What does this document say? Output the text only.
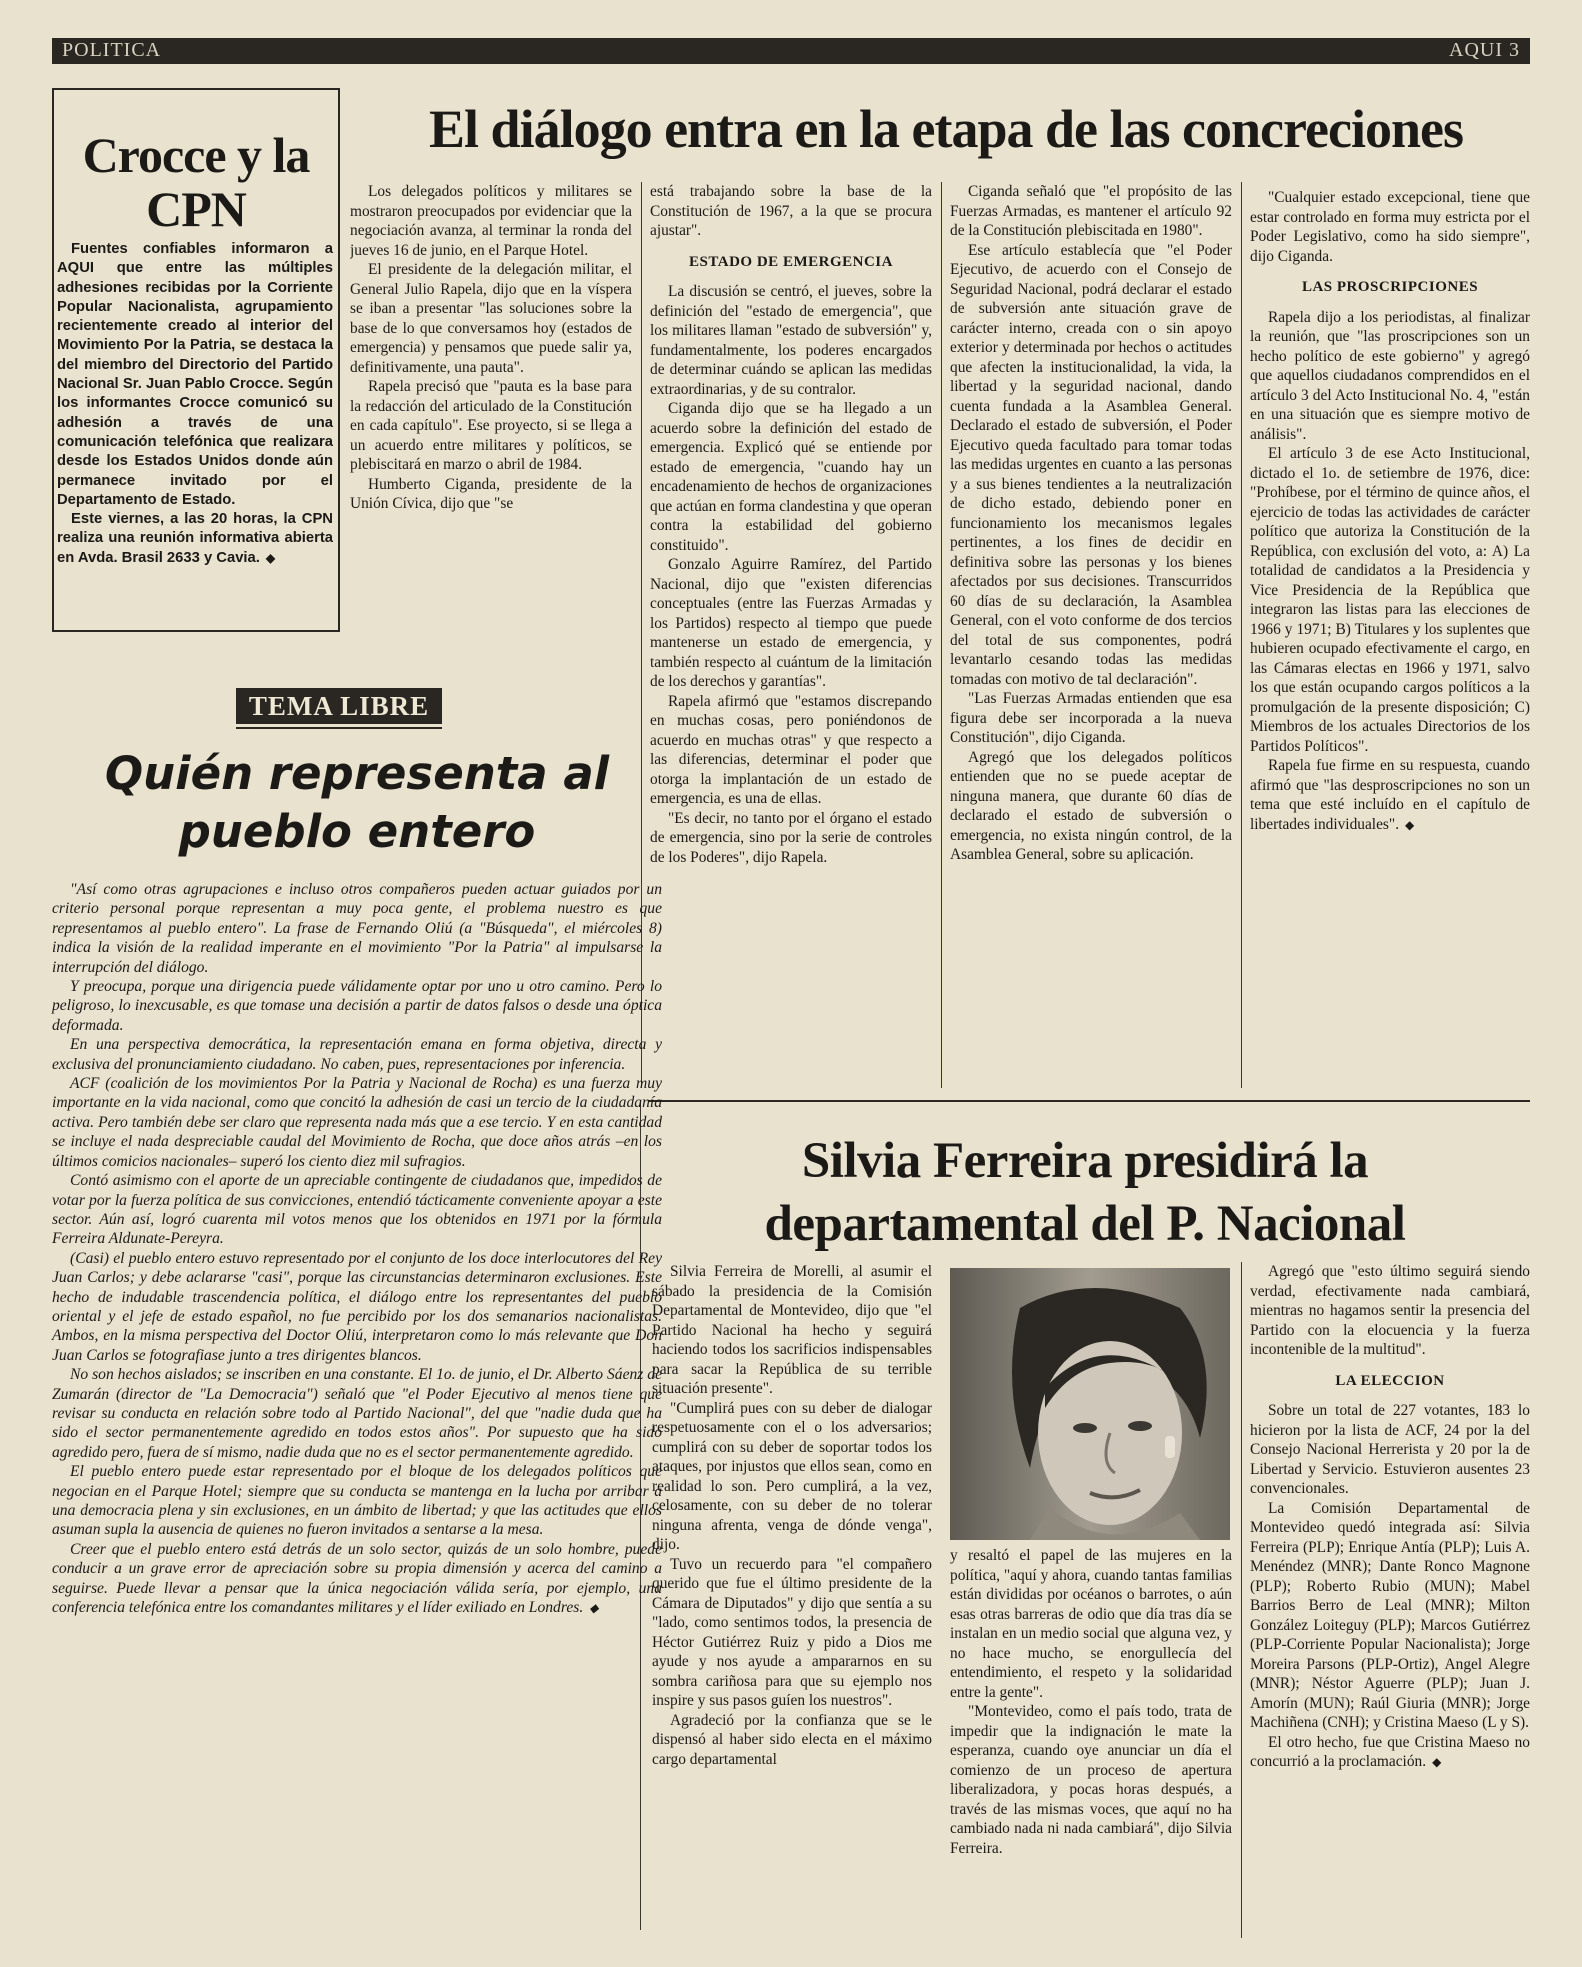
POLITICA	AQUI 3
Crocce y la CPN

Fuentes confiables informaron a AQUI que entre las múltiples adhesiones recibidas por la Corriente Popular Nacionalista, agrupamiento recientemente creado al interior del Movimiento Por la Patria, se destaca la del miembro del Directorio del Partido Nacional Sr. Juan Pablo Crocce. Según los informantes Crocce comunicó su adhesión a través de una comunicación telefónica que realizara desde los Estados Unidos donde aún permanece invitado por el Departamento de Estado.

Este viernes, a las 20 horas, la CPN realiza una reunión informativa abierta en Avda. Brasil 2633 y Cavia. ◆

El diálogo entra en la etapa de las concreciones

Los delegados políticos y militares se mostraron preocupados por evidenciar que la negociación avanza, al terminar la ronda del jueves 16 de junio, en el Parque Hotel.

El presidente de la delegación militar, el General Julio Rapela, dijo que en la víspera se iban a presentar "las soluciones sobre la base de lo que conversamos hoy (estados de emergencia) y pensamos que puede salir ya, definitivamente, una pauta".

Rapela precisó que "pauta es la base para la redacción del articulado de la Constitución en cada capítulo". Ese proyecto, si se llega a un acuerdo entre militares y políticos, se plebiscitará en marzo o abril de 1984.

Humberto Ciganda, presidente de la Unión Cívica, dijo que "se

está trabajando sobre la base de la Constitución de 1967, a la que se procura ajustar".

ESTADO DE EMERGENCIA

La discusión se centró, el jueves, sobre la definición del "estado de emergencia", que los militares llaman "estado de subversión" y, fundamentalmente, los poderes encargados de determinar cuándo se aplican las medidas extraordinarias, y de su contralor.

Ciganda dijo que se ha llegado a un acuerdo sobre la definición del estado de emergencia. Explicó qué se entiende por estado de emergencia, "cuando hay un encadenamiento de hechos de organizaciones que actúan en forma clandestina y que operan contra la estabilidad del gobierno constituido".

Gonzalo Aguirre Ramírez, del Partido Nacional, dijo que "existen diferencias conceptuales (entre las Fuerzas Armadas y los Partidos) respecto al tiempo que puede mantenerse un estado de emergencia, y también respecto al cuántum de la limitación de los derechos y garantías".

Rapela afirmó que "estamos discrepando en muchas cosas, pero poniéndonos de acuerdo en muchas otras" y que respecto a las diferencias, determinar el poder que otorga la implantación de un estado de emergencia, es una de ellas.

"Es decir, no tanto por el órgano el estado de emergencia, sino por la serie de controles de los Poderes", dijo Rapela.

Ciganda señaló que "el propósito de las Fuerzas Armadas, es mantener el artículo 92 de la Constitución plebiscitada en 1980".

Ese artículo establecía que "el Poder Ejecutivo, de acuerdo con el Consejo de Seguridad Nacional, podrá declarar el estado de subversión ante situación grave de carácter interno, creada con o sin apoyo exterior y determinada por hechos o actitudes que afecten la institucionalidad, la vida, la libertad y la seguridad nacional, dando cuenta fundada a la Asamblea General. Declarado el estado de subversión, el Poder Ejecutivo queda facultado para tomar todas las medidas urgentes en cuanto a las personas y a sus bienes tendientes a la neutralización de dicho estado, debiendo poner en funcionamiento los mecanismos legales pertinentes, a los fines de decidir en definitiva sobre las personas y los bienes afectados por sus decisiones. Transcurridos 60 días de su declaración, la Asamblea General, con el voto conforme de dos tercios del total de sus componentes, podrá levantarlo cesando todas las medidas tomadas con motivo de tal declaración".

"Las Fuerzas Armadas entienden que esa figura debe ser incorporada a la nueva Constitución", dijo Ciganda.

Agregó que los delegados políticos entienden que no se puede aceptar de ninguna manera, que durante 60 días de declarado el estado de subversión o emergencia, no exista ningún control, de la Asamblea General, sobre su aplicación.

"Cualquier estado excepcional, tiene que estar controlado en forma muy estricta por el Poder Legislativo, como ha sido siempre", dijo Ciganda.

LAS PROSCRIPCIONES

Rapela dijo a los periodistas, al finalizar la reunión, que "las proscripciones son un hecho político de este gobierno" y agregó que aquellos ciudadanos comprendidos en el artículo 3 del Acto Institucional No. 4, "están en una situación que es siempre motivo de análisis".

El artículo 3 de ese Acto Institucional, dictado el 1o. de setiembre de 1976, dice: "Prohíbese, por el término de quince años, el ejercicio de todas las actividades de carácter político que autoriza la Constitución de la República, con exclusión del voto, a: A) La totalidad de candidatos a la Presidencia y Vice Presidencia de la República que integraron las listas para las elecciones de 1966 y 1971; B) Titulares y los suplentes que hubieren ocupado efectivamente el cargo, en las Cámaras electas en 1966 y 1971, salvo los que están ocupando cargos políticos a la promulgación de la presente disposición; C) Miembros de los actuales Directorios de los Partidos Políticos".

Rapela fue firme en su respuesta, cuando afirmó que "las desproscripciones no son un tema que esté incluído en el capítulo de libertades individuales". ◆

TEMA LIBRE
Quién representa al pueblo entero

"Así como otras agrupaciones e incluso otros compañeros pueden actuar guiados por un criterio personal porque representan a muy poca gente, el problema nuestro es que representamos al pueblo entero". La frase de Fernando Oliú (a "Búsqueda", el miércoles 8) indica la visión de la realidad imperante en el movimiento "Por la Patria" al impulsarse la interrupción del diálogo.

Y preocupa, porque una dirigencia puede válidamente optar por uno u otro camino. Pero lo peligroso, lo inexcusable, es que tomase una decisión a partir de datos falsos o desde una óptica deformada.

En una perspectiva democrática, la representación emana en forma objetiva, directa y exclusiva del pronunciamiento ciudadano. No caben, pues, representaciones por inferencia.

ACF (coalición de los movimientos Por la Patria y Nacional de Rocha) es una fuerza muy importante en la vida nacional, como que concitó la adhesión de casi un tercio de la ciudadanía activa. Pero también debe ser claro que representa nada más que a ese tercio. Y en esta cantidad se incluye el nada despreciable caudal del Movimiento de Rocha, que doce años atrás –en los últimos comicios nacionales– superó los ciento diez mil sufragios.

Contó asimismo con el aporte de un apreciable contingente de ciudadanos que, impedidos de votar por la fuerza política de sus convicciones, entendió tácticamente conveniente apoyar a este sector. Aún así, logró cuarenta mil votos menos que los obtenidos en 1971 por la fórmula Ferreira Aldunate-Pereyra.

(Casi) el pueblo entero estuvo representado por el conjunto de los doce interlocutores del Rey Juan Carlos; y debe aclararse "casi", porque las circunstancias determinaron exclusiones. Este hecho de indudable trascendencia política, el diálogo entre los representantes del pueblo oriental y el jefe de estado español, no fue percibido por los dos semanarios nacionalistas. Ambos, en la misma perspectiva del Doctor Oliú, interpretaron como lo más relevante que Don Juan Carlos se fotografiase junto a tres dirigentes blancos.

No son hechos aislados; se inscriben en una constante. El 1o. de junio, el Dr. Alberto Sáenz de Zumarán (director de "La Democracia") señaló que "el Poder Ejecutivo al menos tiene que revisar su conducta en relación sobre todo al Partido Nacional", del que "nadie duda que ha sido el sector permanentemente agredido en todos estos años". Por supuesto que ha sido agredido pero, fuera de sí mismo, nadie duda que no es el sector permanentemente agredido.

El pueblo entero puede estar representado por el bloque de los delegados políticos que negocian en el Parque Hotel; siempre que su conducta se mantenga en la lucha por arribar a una democracia plena y sin exclusiones, en un ámbito de libertad; y que las actitudes que ellos asuman supla la ausencia de quienes no fueron invitados a sentarse a la mesa.

Creer que el pueblo entero está detrás de un solo sector, quizás de un solo hombre, puede conducir a un grave error de apreciación sobre su propia dimensión y acerca del camino a seguirse. Puede llevar a pensar que la única negociación válida sería, por ejemplo, una conferencia telefónica entre los comandantes militares y el líder exiliado en Londres. ◆

Silvia Ferreira presidirá la departamental del P. Nacional

Silvia Ferreira de Morelli, al asumir el sábado la presidencia de la Comisión Departamental de Montevideo, dijo que "el Partido Nacional ha hecho y seguirá haciendo todos los sacrificios indispensables para sacar la República de su terrible situación presente".

"Cumplirá pues con su deber de dialogar respetuosamente con el o los adversarios; cumplirá con su deber de soportar todos los ataques, por injustos que ellos sean, como en realidad lo son. Pero cumplirá, a la vez, celosamente, con su deber de no tolerar ninguna afrenta, venga de dónde venga", dijo.

Tuvo un recuerdo para "el compañero querido que fue el último presidente de la Cámara de Diputados" y dijo que sentía a su "lado, como sentimos todos, la presencia de Héctor Gutiérrez Ruiz y pido a Dios me ayude y nos ayude a ampararnos en su sombra cariñosa para que su ejemplo nos inspire y sus pasos guíen los nuestros".

Agradeció por la confianza que se le dispensó al haber sido electa en el máximo cargo departamental

y resaltó el papel de las mujeres en la política, "aquí y ahora, cuando tantas familias están divididas por océanos o barrotes, o aún esas otras barreras de odio que día tras día se instalan en un medio social que alguna vez, y no hace mucho, se enorgullecía del entendimiento, el respeto y la solidaridad entre la gente".

"Montevideo, como el país todo, trata de impedir que la indignación le mate la esperanza, cuando oye anunciar un día el comienzo de un proceso de apertura liberalizadora, y pocas horas después, a través de las mismas voces, que aquí no ha cambiado nada ni nada cambiará", dijo Silvia Ferreira.

Agregó que "esto último seguirá siendo verdad, efectivamente nada cambiará, mientras no hagamos sentir la presencia del Partido con la elocuencia y la fuerza incontenible de la multitud".

LA ELECCION

Sobre un total de 227 votantes, 183 lo hicieron por la lista de ACF, 24 por la del Consejo Nacional Herrerista y 20 por la de Libertad y Servicio. Estuvieron ausentes 23 convencionales.

La Comisión Departamental de Montevideo quedó integrada así: Silvia Ferreira (PLP); Enrique Antía (PLP); Luis A. Menéndez (MNR); Dante Ronco Magnone (PLP); Roberto Rubio (MUN); Mabel Barrios Berro de Leal (MNR); Milton González Loiteguy (PLP); Marcos Gutiérrez (PLP-Corriente Popular Nacionalista); Jorge Moreira Parsons (PLP-Ortiz), Angel Alegre (MNR); Néstor Aguerre (PLP); Juan J. Amorín (MUN); Raúl Giuria (MNR); Jorge Machiñena (CNH); y Cristina Maeso (L y S).

El otro hecho, fue que Cristina Maeso no concurrió a la proclamación. ◆
